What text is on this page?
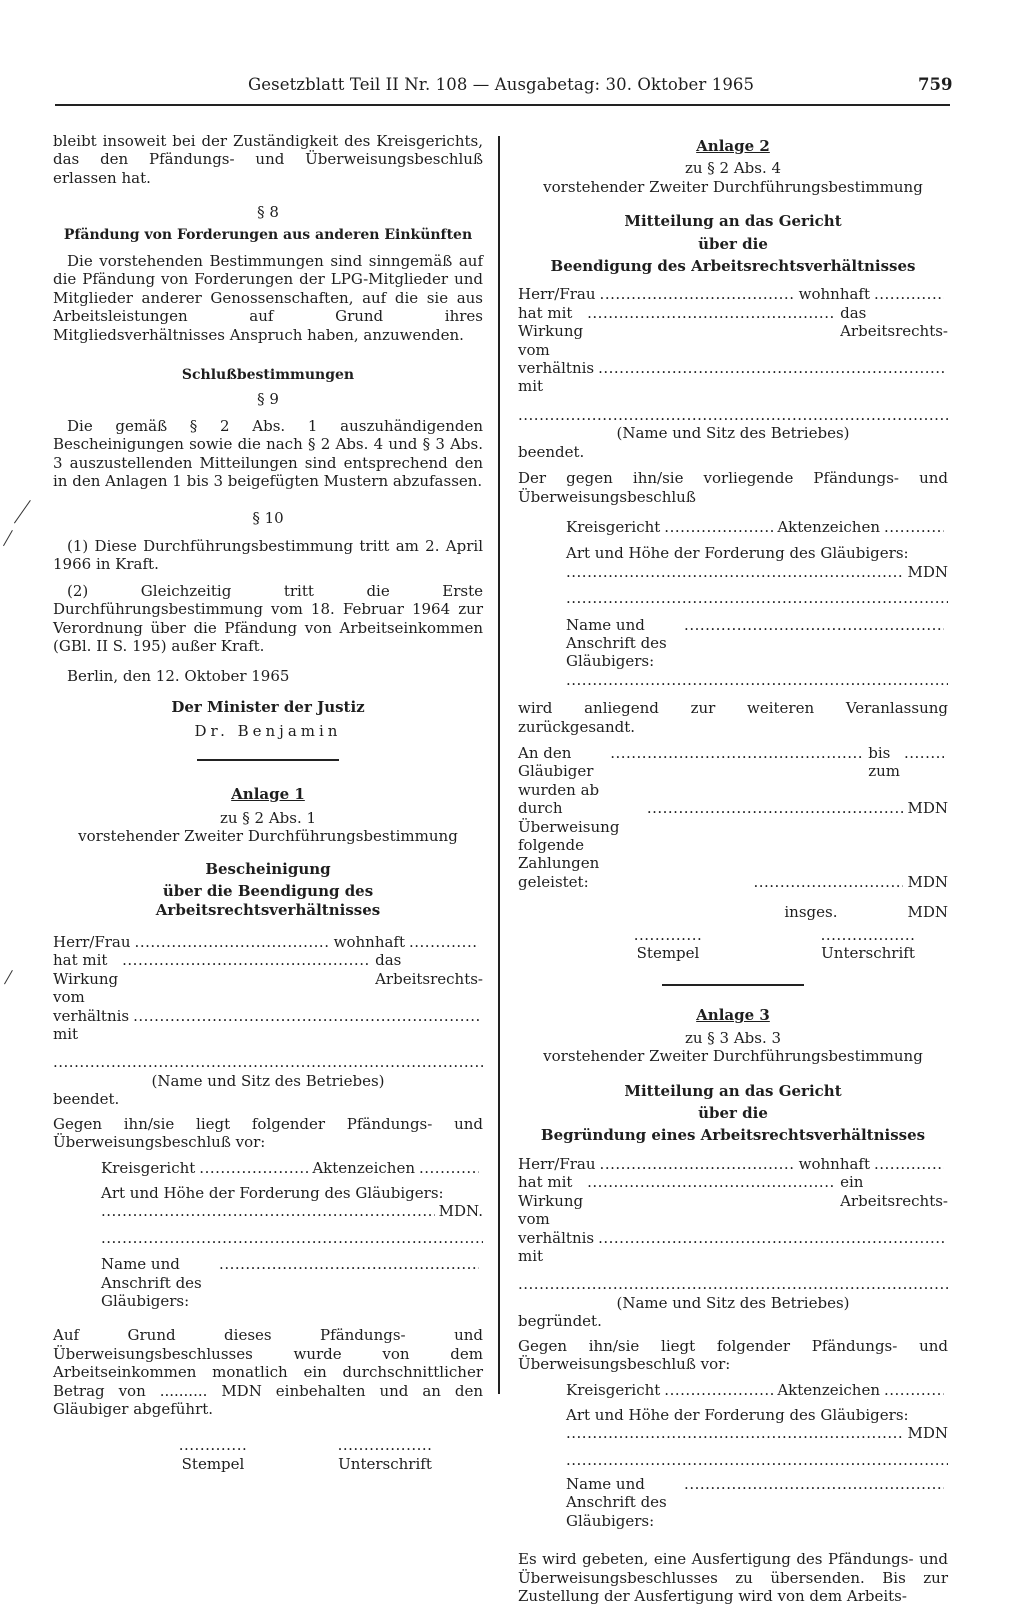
Gesetzblatt Teil II Nr. 108 — Ausgabetag: 30. Oktober 1965	759

bleibt insoweit bei der Zuständigkeit des Kreisgerichts, das den Pfändungs- und Überweisungsbeschluß erlassen hat.

§ 8

Pfändung von Forderungen aus anderen Einkünften

Die vorstehenden Bestimmungen sind sinngemäß auf die Pfändung von Forderungen der LPG-Mitglieder und Mitglieder anderer Genossenschaften, auf die sie aus Arbeitsleistungen auf Grund ihres Mitgliedsverhältnisses Anspruch haben, anzuwenden.

Schlußbestimmungen

§ 9

Die gemäß § 2 Abs. 1 auszuhändigenden Bescheinigungen sowie die nach § 2 Abs. 4 und § 3 Abs. 3 auszustellenden Mitteilungen sind entsprechend den in den Anlagen 1 bis 3 beigefügten Mustern abzufassen.

§ 10

(1) Diese Durchführungsbestimmung tritt am 2. April 1966 in Kraft.

(2) Gleichzeitig tritt die Erste Durchführungsbestimmung vom 18. Februar 1964 zur Verordnung über die Pfändung von Arbeitseinkommen (GBl. II S. 195) außer Kraft.

Berlin, den 12. Oktober 1965

Der Minister der Justiz

Dr. Benjamin

Anlage 1

zu § 2 Abs. 1

vorstehender Zweiter Durchführungsbestimmung

Bescheinigung

über die Beendigung des Arbeitsrechtsverhältnisses

Herr/Frau .....	wohnhaft
.....
hat mit Wirkung vom
.....
das Arbeitsrechts-
verhältnis mit
.....
.....

(Name und Sitz des Betriebes)

beendet.

Gegen ihn/sie liegt folgender Pfändungs- und Überweisungsbeschluß vor:

Kreisgericht .....	Aktenzeichen
.....

Art und Höhe der Forderung des Gläubigers:

.....
MDN.
.....
Name und Anschrift des Gläubigers:
.....

Auf Grund dieses Pfändungs- und Überweisungsbeschlusses wurde von dem Arbeitseinkommen monatlich ein durchschnittlicher Betrag von .......... MDN einbehalten und an den Gläubiger abgeführt.

.............
Stempel
..................
Unterschrift

Anlage 2

zu § 2 Abs. 4

vorstehender Zweiter Durchführungsbestimmung

Mitteilung an das Gericht

über die

Beendigung des Arbeitsrechtsverhältnisses

Herr/Frau .....	wohnhaft
.....
hat mit Wirkung vom
.....
das Arbeitsrechts-
verhältnis mit
.....
.....

(Name und Sitz des Betriebes)

beendet.

Der gegen ihn/sie vorliegende Pfändungs- und Überweisungsbeschluß

Kreisgericht .....	Aktenzeichen
.....

Art und Höhe der Forderung des Gläubigers:

.....
MDN
.....
Name und Anschrift des Gläubigers:
.....
.....

wird anliegend zur weiteren Veranlassung zurückgesandt.

An den Gläubiger wurden ab
.....
bis zum
.....
durch Überweisung folgende Zahlungen
.....
MDN
geleistet: .....	MDN
insges.	MDN
.............
Stempel
..................
Unterschrift

Anlage 3

zu § 3 Abs. 3

vorstehender Zweiter Durchführungsbestimmung

Mitteilung an das Gericht

über die

Begründung eines Arbeitsrechtsverhältnisses

Herr/Frau .....	wohnhaft
.....
hat mit Wirkung vom
.....
ein Arbeitsrechts-
verhältnis mit
.....
.....

(Name und Sitz des Betriebes)

begründet.

Gegen ihn/sie liegt folgender Pfändungs- und Überweisungsbeschluß vor:

Kreisgericht .....	Aktenzeichen
.....

Art und Höhe der Forderung des Gläubigers:

.....
MDN
.....
Name und Anschrift des Gläubigers:
.....

Es wird gebeten, eine Ausfertigung des Pfändungs- und Überweisungsbeschlusses zu übersenden. Bis zur Zustellung der Ausfertigung wird von dem Arbeits-
